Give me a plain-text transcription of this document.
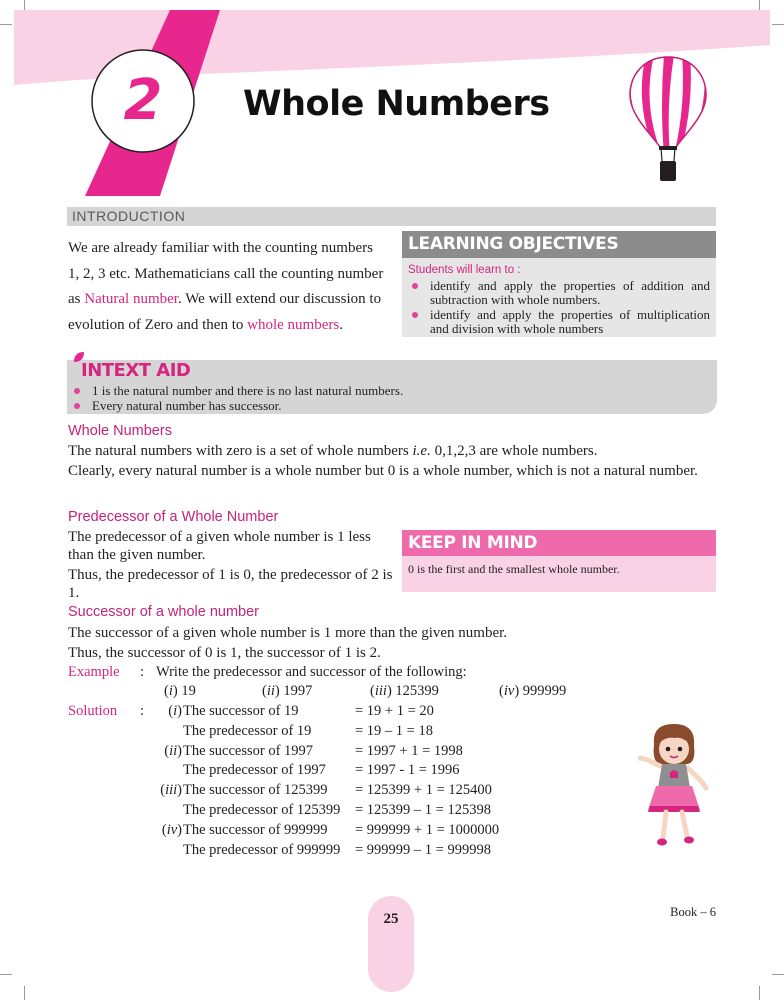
2	Whole Numbers
INTRODUCTION
We are already familiar with the counting numbers
1, 2, 3 etc. Mathematicians call the counting number
as Natural number. We will extend our discussion to
evolution of Zero and then to whole numbers.
LEARNING OBJECTIVES
Students will learn to :
identify and apply the properties of addition and subtraction with whole numbers.
identify and apply the properties of multiplication and division with whole numbers
INTEXT AID
1 is the natural number and there is no last natural numbers.
Every natural number has successor.
Whole Numbers
The natural numbers with zero is a set of whole numbers i.e. 0,1,2,3 are whole numbers.
Clearly, every natural number is a whole number but 0 is a whole number, which is not a natural number.
Predecessor of a Whole Number
The predecessor of a given whole number is 1 less than the given number.
Thus, the predecessor of 1 is 0, the predecessor of 2 is 1.
KEEP IN MIND
0 is the first and the smallest whole number.
Successor of a whole number
The successor of a given whole number is 1 more than the given number.
Thus, the successor of 0 is 1, the successor of 1 is 2.
Example : Write the predecessor and successor of the following:
(i) 19	(ii) 1997	(iii) 125399	(iv) 999999
Solution : (i) The successor of 19	= 19 + 1 = 20
The predecessor of 19	= 19 – 1 = 18
(ii) The successor of 1997	= 1997 + 1 = 1998
The predecessor of 1997 = 1997 - 1 = 1996
(iii) The successor of 125399 = 125399 + 1 = 125400
The predecessor of 125399 = 125399 – 1 = 125398
(iv) The successor of 999999 = 999999 + 1 = 1000000
The predecessor of 999999 = 999999 – 1 = 999998
25	Book – 6
